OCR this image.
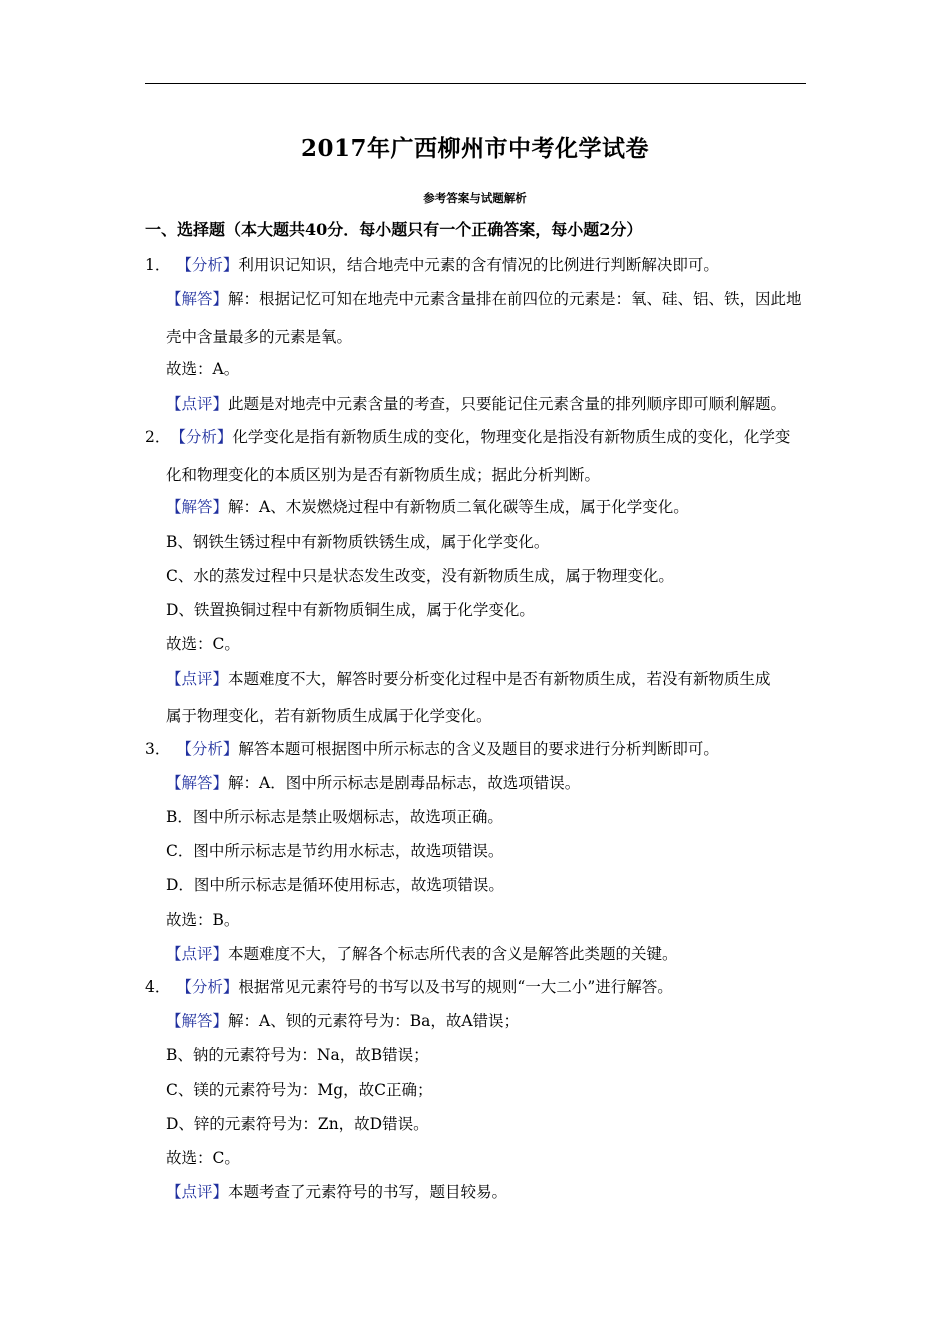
2017年广西柳州市中考化学试卷
参考答案与试题解析
一、选择题（本大题共40分．每小题只有一个正确答案，每小题2分）
1． 【分析】利用识记知识，结合地壳中元素的含有情况的比例进行判断解决即可。
【解答】解：根据记忆可知在地壳中元素含量排在前四位的元素是：氧、硅、铝、铁，因此地
壳中含量最多的元素是氧。
故选：A。
【点评】此题是对地壳中元素含量的考查，只要能记住元素含量的排列顺序即可顺利解题。
2．【分析】化学变化是指有新物质生成的变化，物理变化是指没有新物质生成的变化，化学变
化和物理变化的本质区别为是否有新物质生成；据此分析判断。
【解答】解：A、木炭燃烧过程中有新物质二氧化碳等生成，属于化学变化。
B、钢铁生锈过程中有新物质铁锈生成，属于化学变化。
C、水的蒸发过程中只是状态发生改变，没有新物质生成，属于物理变化。
D、铁置换铜过程中有新物质铜生成，属于化学变化。
故选：C。
【点评】本题难度不大，解答时要分析变化过程中是否有新物质生成，若没有新物质生成
属于物理变化，若有新物质生成属于化学变化。
3． 【分析】解答本题可根据图中所示标志的含义及题目的要求进行分析判断即可。
【解答】解：A．图中所示标志是剧毒品标志，故选项错误。
B．图中所示标志是禁止吸烟标志，故选项正确。
C．图中所示标志是节约用水标志，故选项错误。
D．图中所示标志是循环使用标志，故选项错误。
故选：B。
【点评】本题难度不大，了解各个标志所代表的含义是解答此类题的关键。
4． 【分析】根据常见元素符号的书写以及书写的规则“一大二小”进行解答。
【解答】解：A、钡的元素符号为：Ba，故A错误；
B、钠的元素符号为：Na，故B错误；
C、镁的元素符号为：Mg，故C正确；
D、锌的元素符号为：Zn，故D错误。
故选：C。
【点评】本题考查了元素符号的书写，题目较易。
